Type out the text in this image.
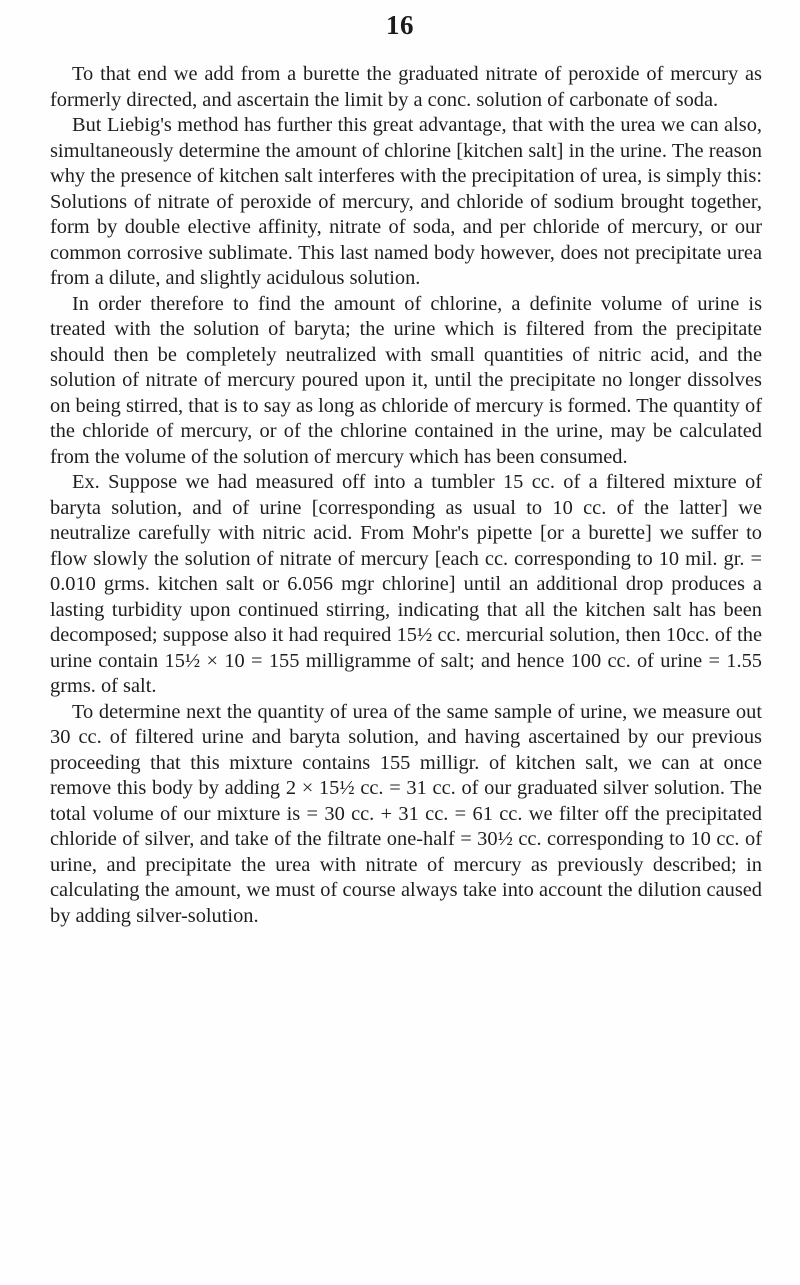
16

To that end we add from a burette the graduated nitrate of peroxide of mercury as formerly directed, and ascertain the limit by a conc. solution of carbonate of soda.

But Liebig's method has further this great advantage, that with the urea we can also, simultaneously determine the amount of chlorine [kitchen salt] in the urine. The reason why the presence of kitchen salt interferes with the precipitation of urea, is simply this: Solutions of nitrate of peroxide of mercury, and chloride of sodium brought together, form by double elective affinity, nitrate of soda, and per chloride of mercury, or our common corrosive sublimate. This last named body however, does not precipitate urea from a dilute, and slightly acidulous solution.

In order therefore to find the amount of chlorine, a definite volume of urine is treated with the solution of baryta; the urine which is filtered from the precipitate should then be completely neutralized with small quantities of nitric acid, and the solution of nitrate of mercury poured upon it, until the precipitate no longer dissolves on being stirred, that is to say as long as chloride of mercury is formed. The quantity of the chloride of mercury, or of the chlorine contained in the urine, may be calculated from the volume of the solution of mercury which has been consumed.

Ex. Suppose we had measured off into a tumbler 15 cc. of a filtered mixture of baryta solution, and of urine [corresponding as usual to 10 cc. of the latter] we neutralize carefully with nitric acid. From Mohr's pipette [or a burette] we suffer to flow slowly the solution of nitrate of mercury [each cc. corresponding to 10 mil. gr. = 0.010 grms. kitchen salt or 6.056 mgr chlorine] until an additional drop produces a lasting turbidity upon continued stirring, indicating that all the kitchen salt has been decomposed; suppose also it had required 15½ cc. mercurial solution, then 10cc. of the urine contain 15½ × 10 = 155 milligramme of salt; and hence 100 cc. of urine = 1.55 grms. of salt.

To determine next the quantity of urea of the same sample of urine, we measure out 30 cc. of filtered urine and baryta solution, and having ascertained by our previous proceeding that this mixture contains 155 milligr. of kitchen salt, we can at once remove this body by adding 2 × 15½ cc. = 31 cc. of our graduated silver solution. The total volume of our mixture is = 30 cc. + 31 cc. = 61 cc. we filter off the precipitated chloride of silver, and take of the filtrate one-half = 30½ cc. corresponding to 10 cc. of urine, and precipitate the urea with nitrate of mercury as previously described; in calculating the amount, we must of course always take into account the dilution caused by adding silver-solution.
